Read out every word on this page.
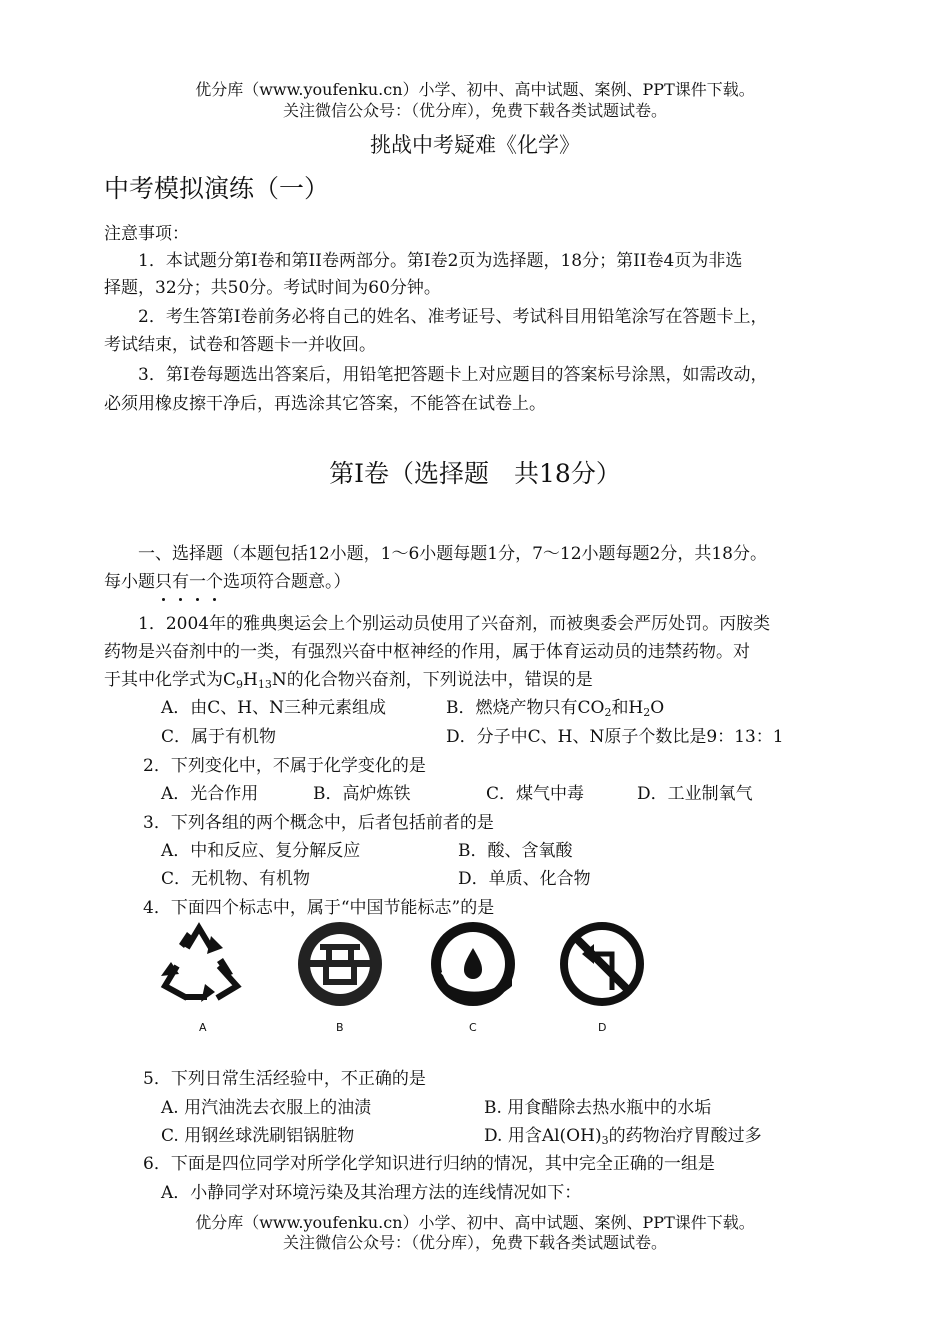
优分库（www.youfenku.cn）小学、初中、高中试题、案例、PPT课件下载。
关注微信公众号：（优分库），免费下载各类试题试卷。
挑战中考疑难《化学》
中考模拟演练（一）
注意事项：
1．本试题分第I卷和第II卷两部分。第I卷2页为选择题，18分；第II卷4页为非选
择题，32分；共50分。考试时间为60分钟。
2．考生答第I卷前务必将自己的姓名、准考证号、考试科目用铅笔涂写在答题卡上，
考试结束，试卷和答题卡一并收回。
3．第I卷每题选出答案后，用铅笔把答题卡上对应题目的答案标号涂黑，如需改动，
必须用橡皮擦干净后，再选涂其它答案，不能答在试卷上。
第I卷（选择题　共18分）
一、选择题（本题包括12小题，1～6小题每题1分，7～12小题每题2分，共18分。
每小题只有一个选项符合题意。）
1．2004年的雅典奥运会上个别运动员使用了兴奋剂，而被奥委会严厉处罚。丙胺类
药物是兴奋剂中的一类，有强烈兴奋中枢神经的作用，属于体育运动员的违禁药物。对
于其中化学式为$C_9H_{13}N$的化合物兴奋剂，下列说法中，错误的是
A．由C、H、N三种元素组成	B．燃烧产物只有$CO_2$和$H_2O$
C．属于有机物	D．分子中C、H、N原子个数比是9：13：1
2．下列变化中，不属于化学变化的是
A．光合作用	B．高炉炼铁	C．煤气中毒	D．工业制氧气
3．下列各组的两个概念中，后者包括前者的是
A．中和反应、复分解反应	B．酸、含氧酸
C．无机物、有机物	D．单质、化合物
4．下面四个标志中，属于“中国节能标志”的是
A	B	C	D
5．下列日常生活经验中，不正确的是
A. 用汽油洗去衣服上的油渍	B. 用食醋除去热水瓶中的水垢
C. 用钢丝球洗刷铝锅脏物	D. 用含$Al(OH)_3$的药物治疗胃酸过多
6．下面是四位同学对所学化学知识进行归纳的情况，其中完全正确的一组是
A．小静同学对环境污染及其治理方法的连线情况如下：
优分库（www.youfenku.cn）小学、初中、高中试题、案例、PPT课件下载。
关注微信公众号：（优分库），免费下载各类试题试卷。
